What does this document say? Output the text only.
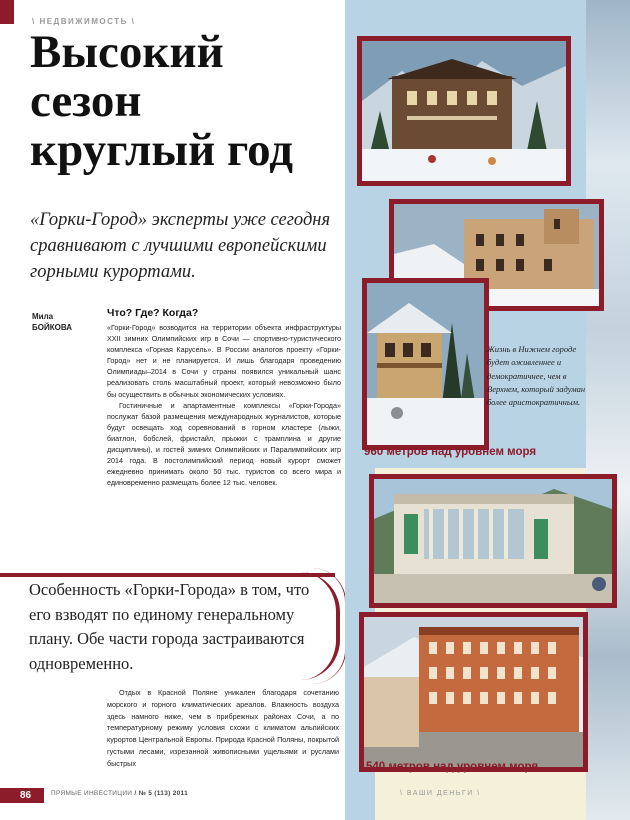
\ НЕДВИЖИМОСТЬ \
Высокий
сезон
круглый год

«Горки-Город» эксперты уже сегодня сравнивают с лучшими европейскими горными курортами.

Мила
БОЙКОВА
Что? Где? Когда?

«Горки-Город» возводится на территории объекта инфраструктуры XXII зимних Олимпийских игр в Сочи — спортивно-туристического комплекса «Горная Карусель». В России аналогов проекту «Горки-Город» нет и не планируется. И лишь благодаря проведению Олимпиады–2014 в Сочи у страны появился уникальный шанс реализовать столь масштабный проект, который невозможно было бы осуществить в обычных экономических условиях.

Гостиничные и апартаментные комплексы «Горки-Города» послужат базой размещения международных журналистов, которые будут освещать ход соревнований в горном кластере (лыжи, биатлон, бобслей, фристайл, прыжки с трамплина и другие дисциплины), и гостей зимних Олимпийских и Паралимпийских игр 2014 года. В постолимпийский период новый курорт сможет ежедневно принимать около 50 тыс. туристов со всего мира и единовременно размещать более 12 тыс. человек.

Особенность «Горки-Города» в том, что его взводят по единому генеральному плану. Обе части города застраиваются одновременно.

Отдых в Красной Поляне уникален благодаря сочетанию морского и горного климатических ареалов. Влажность воздуха здесь намного ниже, чем в прибрежных районах Сочи, а по температурному режиму условия схожи с климатом альпийских курортов Центральной Европы. Природа Красной Поляны, покрытой густыми лесами, изрезанной живописными ущельями и руслами быстрых

86	ПРЯМЫЕ ИНВЕСТИЦИИ / № 5 (113) 2011

Жизнь в Нижнем городе будет оживленнее и демократичнее, чем в Верхнем, который задуман более аристократичным.

960 метров над уровнем моря
540 метров над уровнем моря
\ ВАШИ ДЕНЬГИ \
